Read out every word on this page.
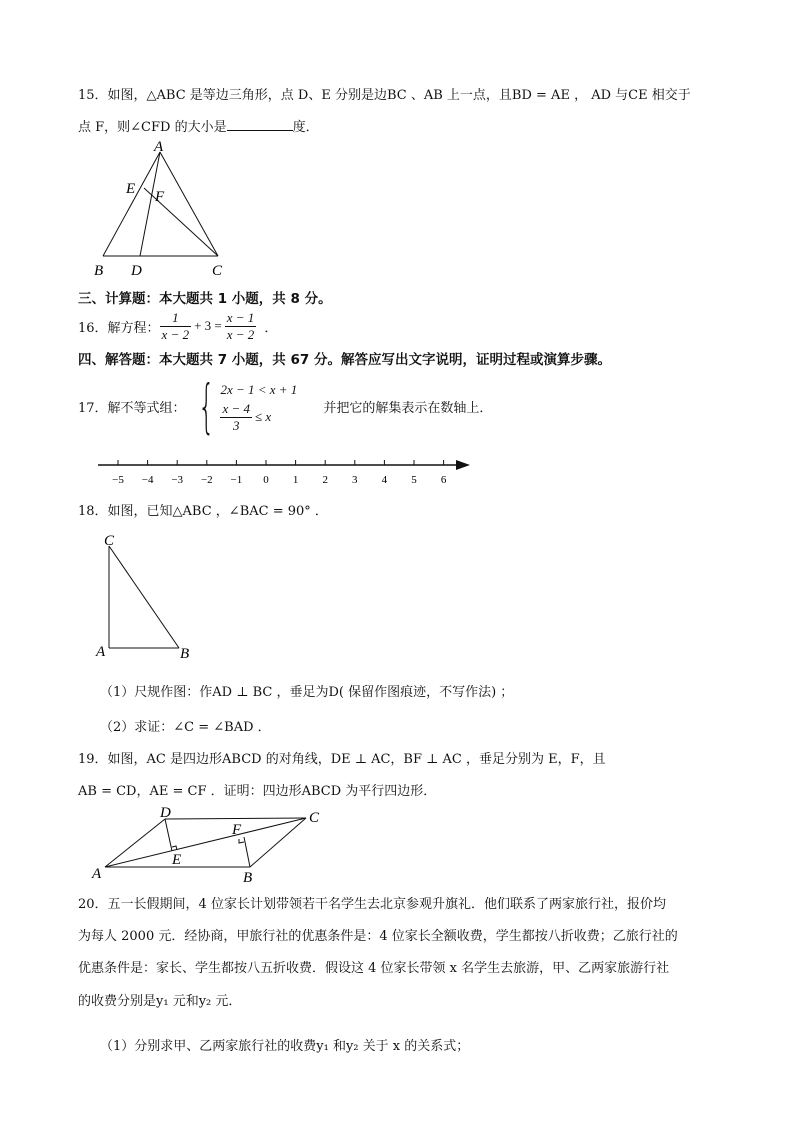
15．如图，△ABC 是等边三角形，点 D、E 分别是边BC 、AB 上一点，且BD = AE ， AD 与CE 相交于
点 F，则∠CFD 的大小是	度．
A
E F
B D	C
三、计算题：本大题共 1 小题，共 8 分。
16．解方程： $\frac{1}{x - 2} + 3 = \frac{x - 1}{x - 2}$ ．
四、解答题：本大题共 7 小题，共 67 分。解答应写出文字说明，证明过程或演算步骤。
17．解不等式组： { 2x − 1 < x + 1
$\frac{x - 4}{3} \le x$
并把它的解集表示在数轴上．
−5 −4 −3 −2 −1 0 1 2 3 4 5 6
18．如图，已知△ABC ，∠BAC = 90° ．
C
A	B
（1）尺规作图：作AD ⊥ BC ，垂足为D( 保留作图痕迹，不写作法) ；
（2）求证：∠C = ∠BAD ．
19．如图，AC 是四边形ABCD 的对角线，DE ⊥ AC，BF ⊥ AC ，垂足分别为 E，F，且
AB = CD，AE = CF ．证明：四边形ABCD 为平行四边形．
D	C
F
E
A	B
20．五一长假期间，4 位家长计划带领若干名学生去北京参观升旗礼．他们联系了两家旅行社，报价均
为每人 2000 元．经协商，甲旅行社的优惠条件是：4 位家长全额收费，学生都按八折收费；乙旅行社的
优惠条件是：家长、学生都按八五折收费．假设这 4 位家长带领 x 名学生去旅游，甲、乙两家旅游行社
的收费分别是y₁ 元和y₂ 元．
（1）分别求甲、乙两家旅行社的收费y₁ 和y₂ 关于 x 的关系式；
